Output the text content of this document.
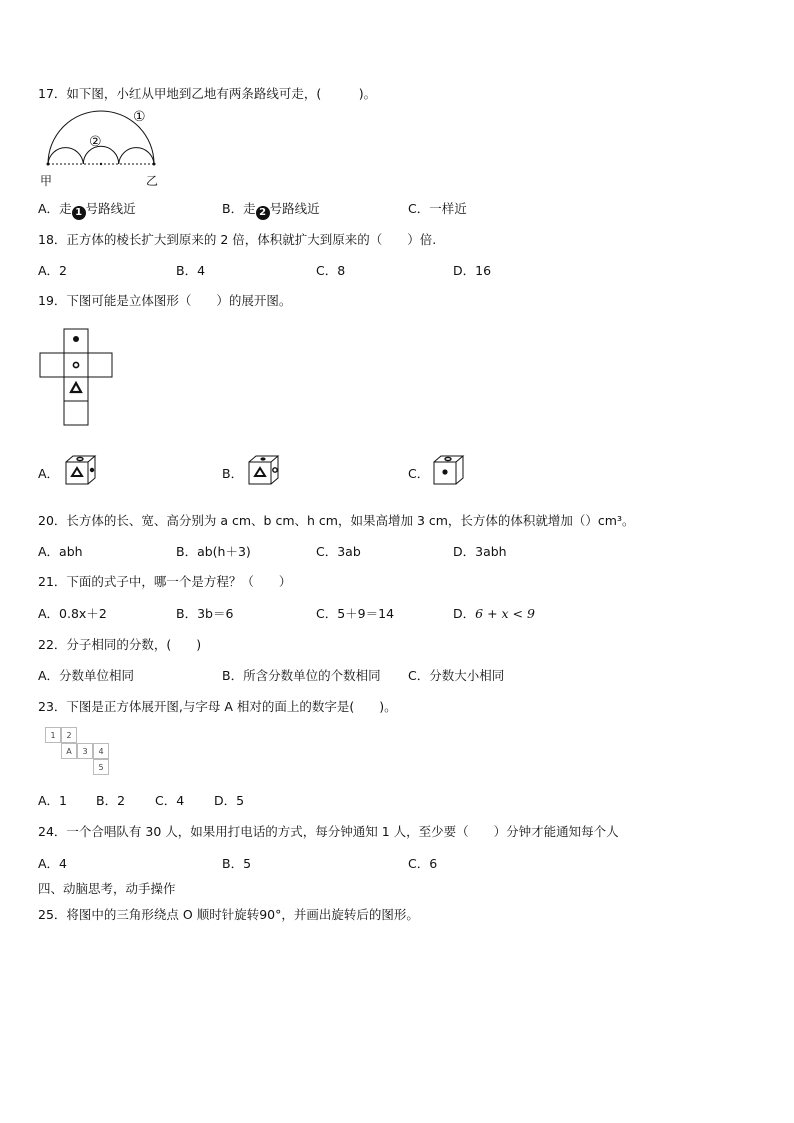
17．如下图，小红从甲地到乙地有两条路线可走，(　　　)。
①
②
甲	乙
A．走 1 号路线近	B．走 2 号路线近	C．一样近
18．正方体的棱长扩大到原来的 2 倍，体积就扩大到原来的（　　）倍.
A．2	B．4	C．8	D．16
19．下图可能是立体图形（　　）的展开图。
A．	B．	C．
20．长方体的长、宽、高分别为 a cm、b cm、h cm，如果高增加 3 cm，长方体的体积就增加（）cm³。
A．abh	B．ab(h＋3)	C．3ab	D．3abh
21．下面的式子中，哪一个是方程？（　　）
A．0.8x＋2	B．3b＝6	C．5＋9＝14	D．6 + x < 9
22．分子相同的分数，(　　)
A．分数单位相同	B．所含分数单位的个数相同 C．分数大小相同
23．下图是正方体展开图,与字母 A 相对的面上的数字是(　　)。
1	2
A	3	4
5
A．1 B．2 C．4 D．5
24．一个合唱队有 30 人，如果用打电话的方式，每分钟通知 1 人，至少要（　　）分钟才能通知每个人
A．4	B．5	C．6
四、动脑思考，动手操作
25．将图中的三角形绕点 O 顺时针旋转90°，并画出旋转后的图形。
